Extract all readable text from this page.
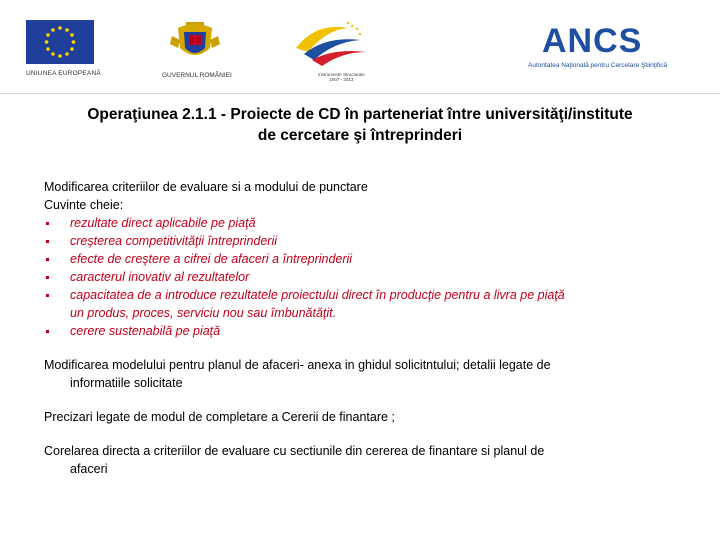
UNIUNEA EUROPEANĂ	GUVERNUL ROMÂNIEI	Instrumente Structurale
2007 - 2013
ANCS
Autoritatea Naţională pentru Cercetare Ştiinţifică
Operaţiunea 2.1.1 - Proiecte de CD în parteneriat între universităţi/institute
de cercetare şi întreprinderi
Modificarea criteriilor de evaluare si a modului de punctare
Cuvinte cheie:
rezultate direct aplicabile pe piaţă
creşterea competitivităţii întreprinderii
efecte de creştere a cifrei de afaceri a întreprinderii
caracterul inovativ al rezultatelor
capacitatea de a introduce rezultatele proiectului direct în producţie pentru a livra pe piaţă
un produs, proces, serviciu nou sau îmbunătăţit.
cerere sustenabilă pe piaţă
Modificarea modelului pentru planul de afaceri- anexa in ghidul solicitntului; detalii legate de
informatiile solicitate
Precizari legate de modul de completare a Cererii de finantare ;
Corelarea directa a criteriilor de evaluare cu sectiunile din cererea de finantare si planul de
afaceri
